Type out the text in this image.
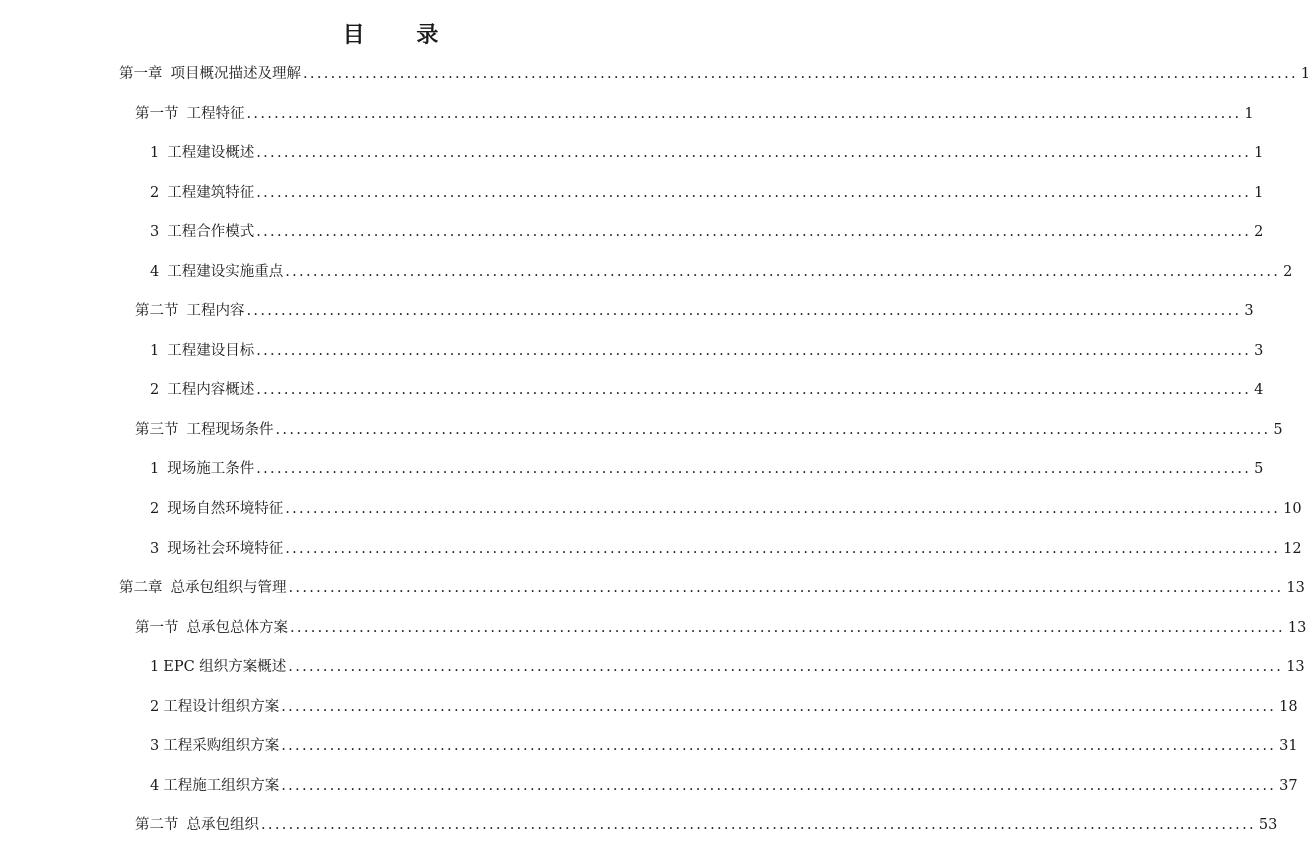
目 录
第一章 项目概况描述及理解 ................................................................................................................................................ 1
第一节 工程特征 ................................................................................................................................................ 1
1 工程建设概述 ................................................................................................................................................ 1
2 工程建筑特征 ................................................................................................................................................ 1
3 工程合作模式 ................................................................................................................................................ 2
4 工程建设实施重点 ................................................................................................................................................ 2
第二节 工程内容 ................................................................................................................................................ 3
1 工程建设目标 ................................................................................................................................................ 3
2 工程内容概述 ................................................................................................................................................ 4
第三节 工程现场条件 ................................................................................................................................................ 5
1 现场施工条件 ................................................................................................................................................ 5
2 现场自然环境特征 ................................................................................................................................................ 10
3 现场社会环境特征 ................................................................................................................................................ 12
第二章 总承包组织与管理 ................................................................................................................................................ 13
第一节 总承包总体方案 ................................................................................................................................................ 13
1 EPC 组织方案概述 ................................................................................................................................................ 13
2 工程设计组织方案 ................................................................................................................................................ 18
3 工程采购组织方案 ................................................................................................................................................ 31
4 工程施工组织方案 ................................................................................................................................................ 37
第二节 总承包组织 ................................................................................................................................................ 53
